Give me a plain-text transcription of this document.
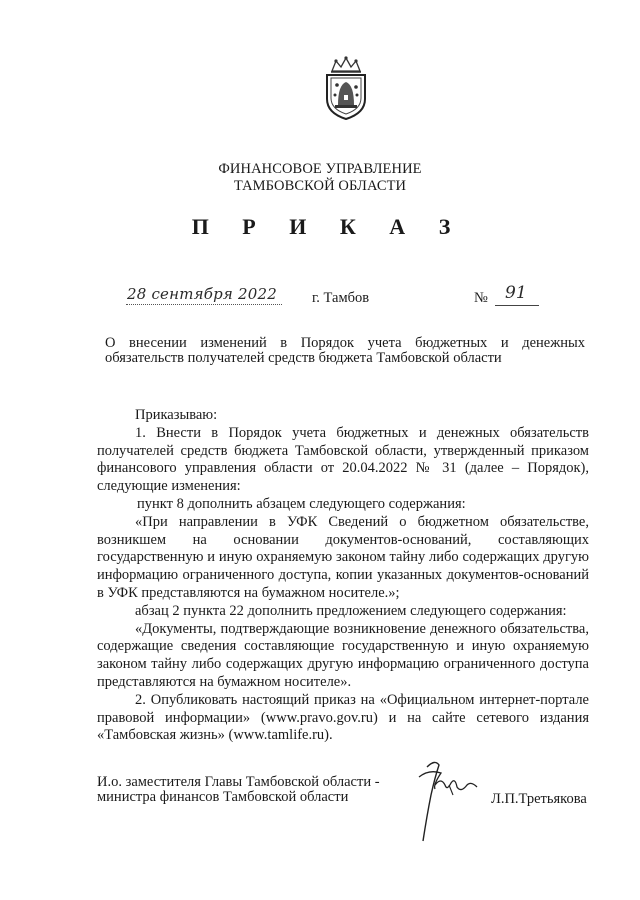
ФИНАНСОВОЕ УПРАВЛЕНИЕ
ТАМБОВСКОЙ ОБЛАСТИ
П Р И К А З
28 сентября 2022 г. Тамбов	№ 91
О внесении изменений в Порядок учета бюджетных и денежных обязательств получателей средств бюджета Тамбовской области

Приказываю:

1. Внести в Порядок учета бюджетных и денежных обязательств получателей средств бюджета Тамбовской области, утвержденный приказом финансового управления области от 20.04.2022 № 31 (далее – Порядок), следующие изменения:

пункт 8 дополнить абзацем следующего содержания:

«При направлении в УФК Сведений о бюджетном обязательстве, возникшем на основании документов-оснований, составляющих государственную и иную охраняемую законом тайну либо содержащих другую информацию ограниченного доступа, копии указанных документов-оснований в УФК представляются на бумажном носителе.»;

абзац 2 пункта 22 дополнить предложением следующего содержания:

«Документы, подтверждающие возникновение денежного обязательства, содержащие сведения составляющие государственную и иную охраняемую законом тайну либо содержащих другую информацию ограниченного доступа представляются на бумажном носителе».

2. Опубликовать настоящий приказ на «Официальном интернет-портале правовой информации» (www.pravo.gov.ru) и на сайте сетевого издания «Тамбовская жизнь» (www.tamlife.ru).

И.о. заместителя Главы Тамбовской области -
министра финансов Тамбовской области	Л.П.Третьякова
